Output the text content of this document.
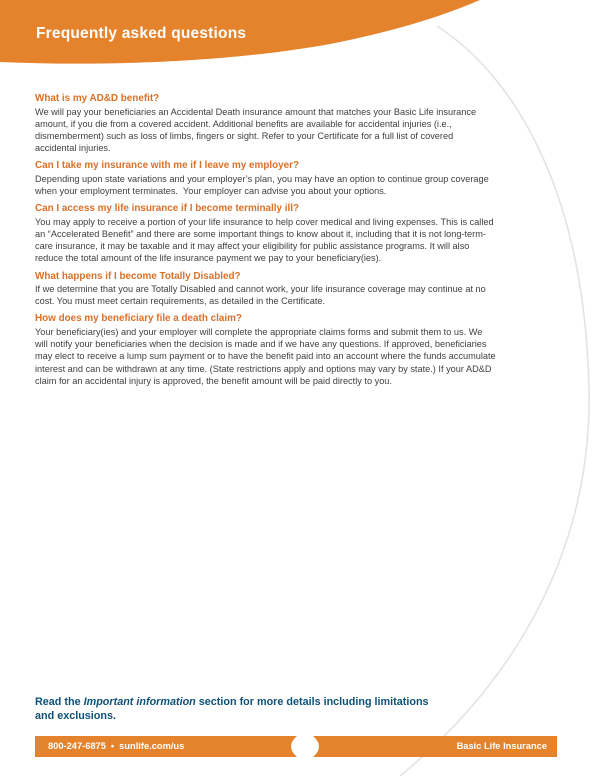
Frequently asked questions
What is my AD&D benefit?

We will pay your beneficiaries an Accidental Death insurance amount that matches your Basic Life insurance amount, if you die from a covered accident. Additional benefits are available for accidental injuries (i.e., dismemberment) such as loss of limbs, fingers or sight. Refer to your Certificate for a full list of covered accidental injuries.

Can I take my insurance with me if I leave my employer?

Depending upon state variations and your employer’s plan, you may have an option to continue group coverage when your employment terminates.  Your employer can advise you about your options.

Can I access my life insurance if I become terminally ill?

You may apply to receive a portion of your life insurance to help cover medical and living expenses. This is called an “Accelerated Benefit” and there are some important things to know about it, including that it is not long-term-care insurance, it may be taxable and it may affect your eligibility for public assistance programs. It will also reduce the total amount of the life insurance payment we pay to your beneficiary(ies).

What happens if I become Totally Disabled?

If we determine that you are Totally Disabled and cannot work, your life insurance coverage may continue at no cost. You must meet certain requirements, as detailed in the Certificate.

How does my beneficiary file a death claim?

Your beneficiary(ies) and your employer will complete the appropriate claims forms and submit them to us. We will notify your beneficiaries when the decision is made and if we have any questions. If approved, beneficiaries may elect to receive a lump sum payment or to have the benefit paid into an account where the funds accumulate interest and can be withdrawn at any time. (State restrictions apply and options may vary by state.) If your AD&D claim for an accidental injury is approved, the benefit amount will be paid directly to you.

Read the Important information section for more details including limitations and exclusions.
800-247-6875 • sunlife.com/us	Basic Life Insurance
